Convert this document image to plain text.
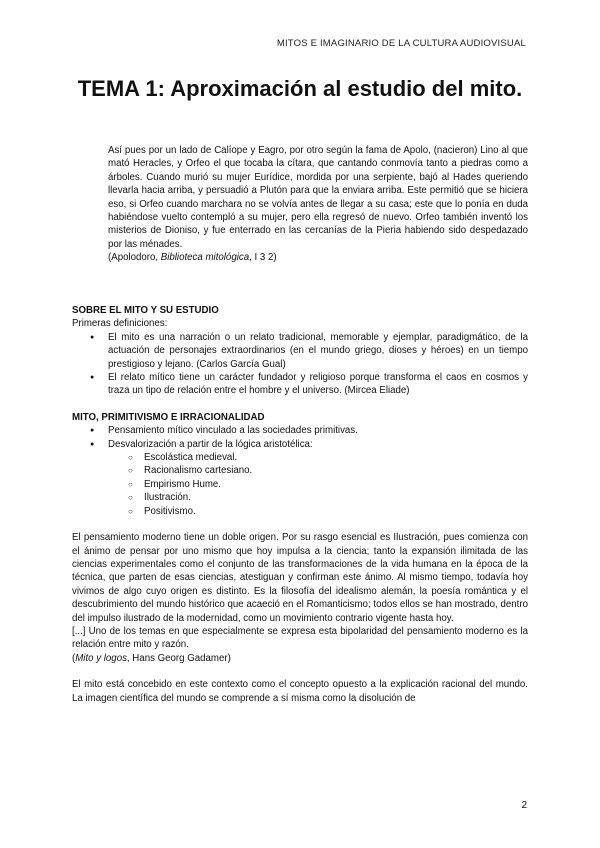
MITOS E IMAGINARIO DE LA CULTURA AUDIOVISUAL
TEMA 1: Aproximación al estudio del mito.

Así pues por un lado de Calíope y Eagro, por otro según la fama de Apolo, (nacieron) Lino al que mató Heracles, y Orfeo el que tocaba la cítara, que cantando conmovía tanto a piedras como a árboles. Cuando murió su mujer Eurídice, mordida por una serpiente, bajó al Hades queriendo llevarla hacia arriba, y persuadió a Plutón para que la enviara arriba. Este permitió que se hiciera eso, si Orfeo cuando marchara no se volvía antes de llegar a su casa; este que lo ponía en duda habiéndose vuelto contempló a su mujer, pero ella regresó de nuevo. Orfeo también inventó los misterios de Dioniso, y fue enterrado en las cercanías de la Pieria habiendo sido despedazado por las ménades.

(Apolodoro, Biblioteca mitológica, I 3 2)

SOBRE EL MITO Y SU ESTUDIO

Primeras definiciones:

● El mito es una narración o un relato tradicional, memorable y ejemplar, paradigmático, de la actuación de personajes extraordinarios (en el mundo griego, dioses y héroes) en un tiempo prestigioso y lejano. (Carlos García Gual)
● El relato mítico tiene un carácter fundador y religioso porque transforma el caos en cosmos y traza un tipo de relación entre el hombre y el universo. (Mircea Eliade)
MITO, PRIMITIVISMO E IRRACIONALIDAD
● Pensamiento mítico vinculado a las sociedades primitivas.
● Desvalorización a partir de la lógica aristotélica:
○ Escolástica medieval.
○ Racionalismo cartesiano.
○ Empirismo Hume.
○ Ilustración.
○ Positivismo.

El pensamiento moderno tiene un doble origen. Por su rasgo esencial es Ilustración, pues comienza con el ánimo de pensar por uno mismo que hoy impulsa a la ciencia; tanto la expansión ilimitada de las ciencias experimentales como el conjunto de las transformaciones de la vida humana en la época de la técnica, que parten de esas ciencias, atestiguan y confirman este ánimo. Al mismo tiempo, todavía hoy vivimos de algo cuyo origen es distinto. Es la filosofía del idealismo alemán, la poesía romántica y el descubrimiento del mundo histórico que acaeció en el Romanticismo; todos ellos se han mostrado, dentro del impulso ilustrado de la modernidad, como un movimiento contrario vigente hasta hoy.

[...] Uno de los temas en que especialmente se expresa esta bipolaridad del pensamiento moderno es la relación entre mito y razón.

(Mito y logos, Hans Georg Gadamer)

El mito está concebido en este contexto como el concepto opuesto a la explicación racional del mundo. La imagen científica del mundo se comprende a sí misma como la disolución de

2
